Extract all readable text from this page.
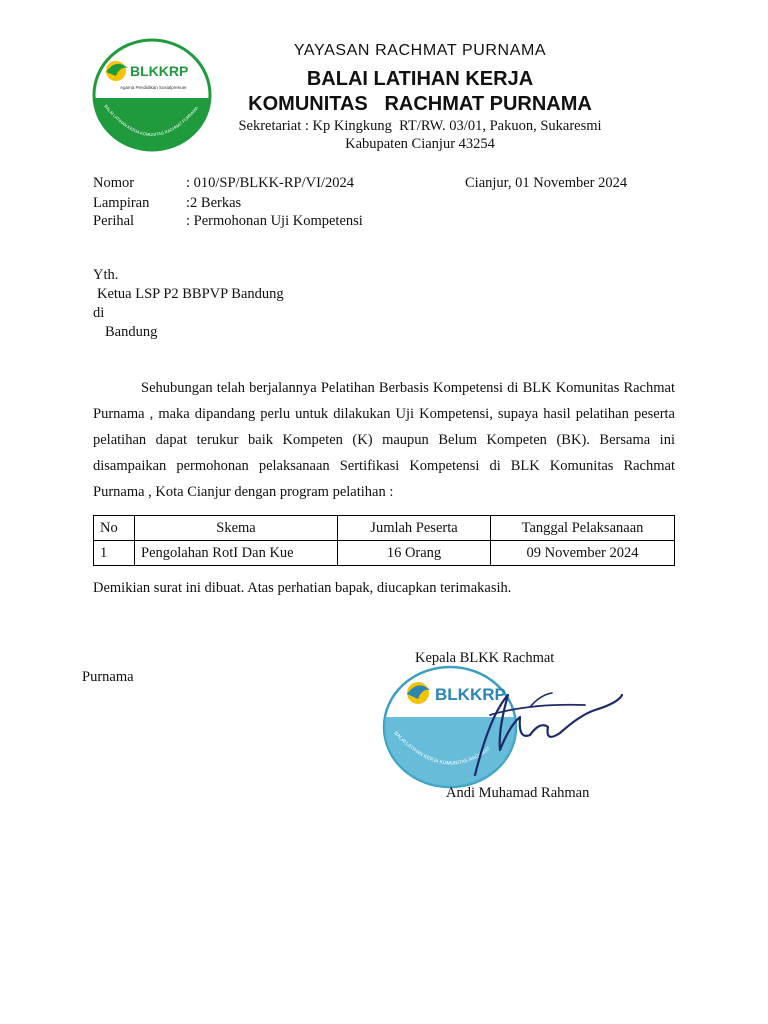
BLKKRP
Agama Pendidikan Sosialprenuer
BALAI LATIHAN KERJA KOMUNITAS RACHMAT PURNAMA
YAYASAN RACHMAT PURNAMA
BALAI LATIHAN KERJA
KOMUNITAS   RACHMAT PURNAMA
Sekretariat : Kp Kingkung  RT/RW. 03/01, Pakuon, Sukaresmi
Kabupaten Cianjur 43254
Nomor	: 010/SP/BLKK-RP/VI/2024
Lampiran	:2 Berkas
Perihal	: Permohonan Uji Kompetensi
Cianjur, 01 November 2024
Yth.
Ketua LSP P2 BBPVP Bandung
di
Bandung

Sehubungan telah berjalannya Pelatihan Berbasis Kompetensi di BLK Komunitas Rachmat Purnama , maka dipandang perlu untuk dilakukan Uji Kompetensi, supaya hasil pelatihan peserta pelatihan dapat terukur baik Kompeten (K) maupun Belum Kompeten (BK). Bersama ini disampaikan permohonan pelaksanaan Sertifikasi Kompetensi di BLK Komunitas Rachmat Purnama , Kota Cianjur dengan program pelatihan :

No	Skema	Jumlah Peserta	Tanggal Pelaksanaan
1	Pengolahan RotI Dan Kue	16 Orang	09 November 2024
Demikian surat ini dibuat. Atas perhatian bapak, diucapkan terimakasih.
BLKKRP
BALAI LATIHAN KERJA KOMUNITAS RACHMAT
Kepala BLKK Rachmat
Purnama
Andi Muhamad Rahman
